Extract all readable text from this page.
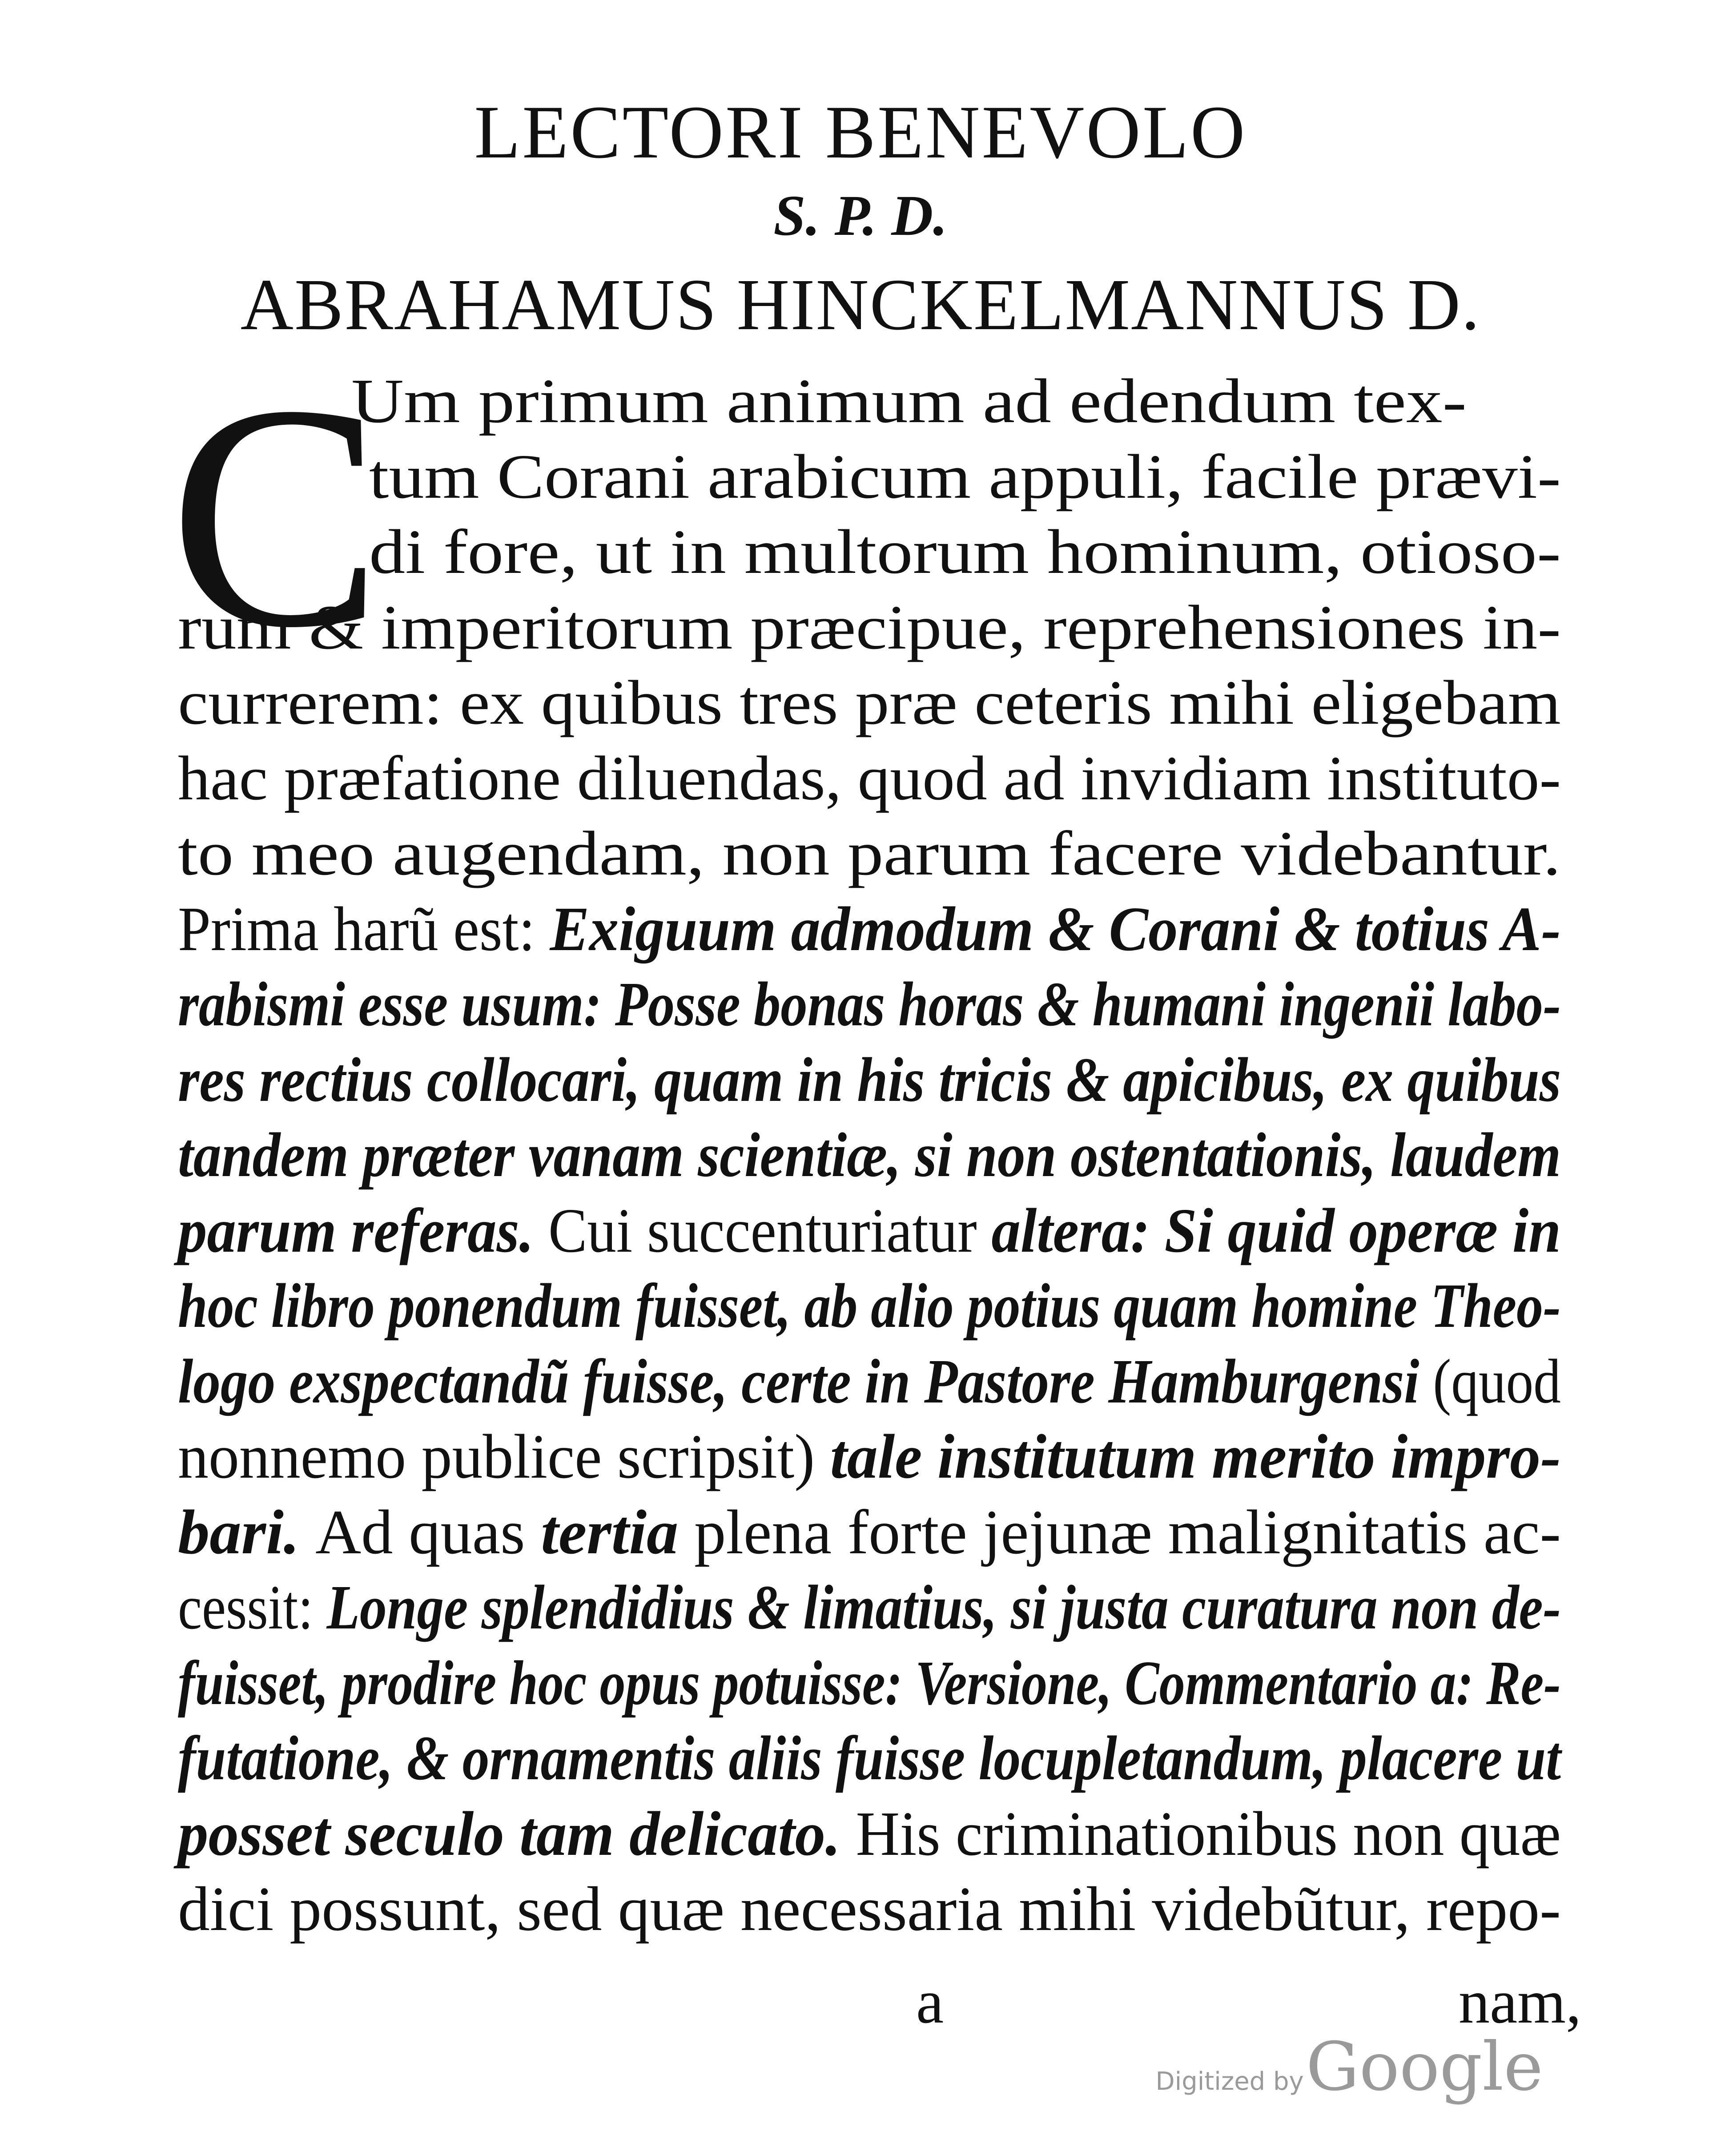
LECTORI BENEVOLO
S. P. D.
ABRAHAMUS HINCKELMANNUS D.
C
Um primum animum ad edendum tex-
tum Corani arabicum appuli, facile prævi-
di fore, ut in multorum hominum, otioso-
rum & imperitorum præcipue, reprehensiones in-
currerem: ex quibus tres præ ceteris mihi eligebam
hac præfatione diluendas, quod ad invidiam instituto-
to meo augendam, non parum facere videbantur.
Prima harũ est: Exiguum admodum & Corani & totius A-
rabismi esse usum: Posse bonas horas & humani ingenii labo-
res rectius collocari, quam in his tricis & apicibus, ex quibus
tandem præter vanam scientiæ, si non ostentationis, laudem
parum referas. Cui succenturiatur altera: Si quid operæ in
hoc libro ponendum fuisset, ab alio potius quam homine Theo-
logo exspectandũ fuisse, certe in Pastore Hamburgensi (quod
nonnemo publice scripsit) tale institutum merito impro-
bari. Ad quas tertia plena forte jejunæ malignitatis ac-
cessit: Longe splendidius & limatius, si justa curatura non de-
fuisset, prodire hoc opus potuisse: Versione, Commentario a: Re-
futatione, & ornamentis aliis fuisse locupletandum, placere ut
posset seculo tam delicato. His criminationibus non quæ
dici possunt, sed quæ necessaria mihi videbũtur, repo-
a	nam,
Digitized by Google
